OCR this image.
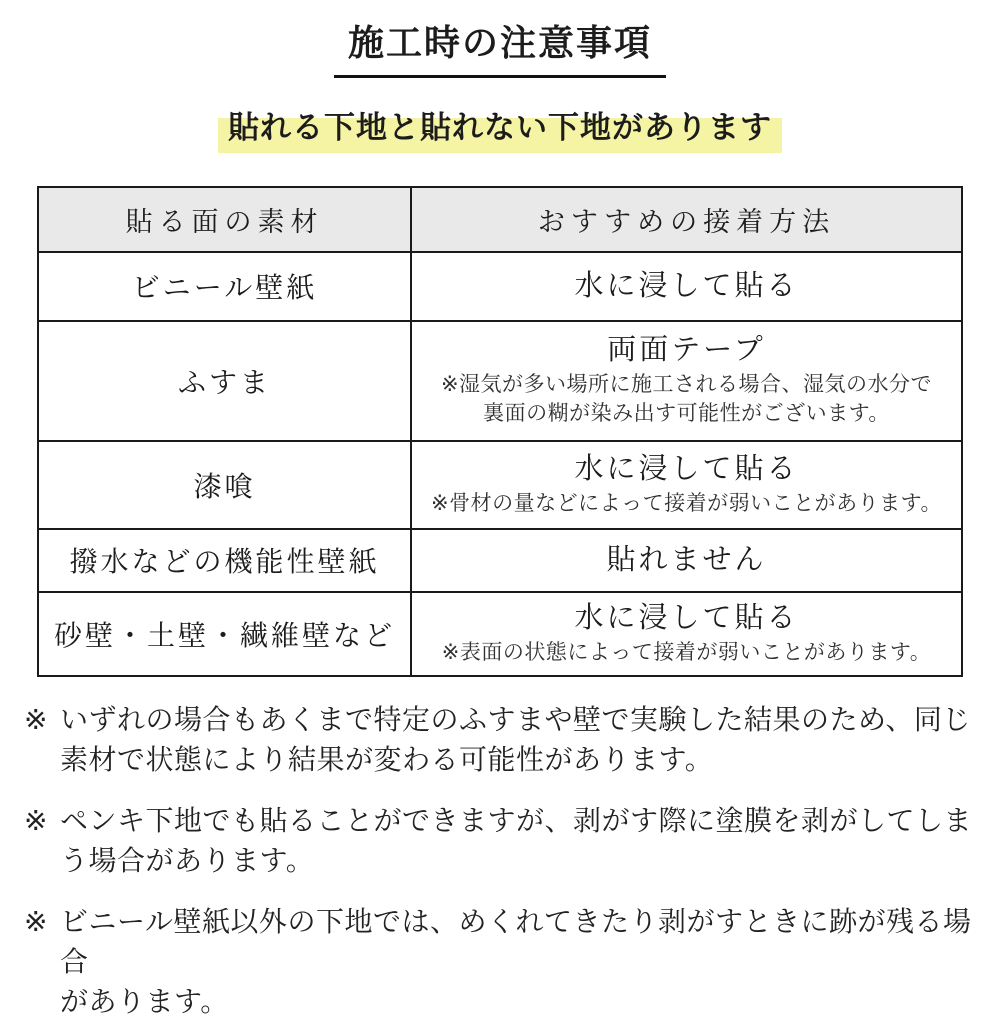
施工時の注意事項
貼れる下地と貼れない下地があります
貼る面の素材	おすすめの接着方法
ビニール壁紙	水に浸して貼る

ふすま	両面テープ
※湿気が多い場所に施工される場合、湿気の水分で
裏面の糊が染み出す可能性がございます。

漆喰	水に浸して貼る
※骨材の量などによって接着が弱いことがあります。

撥水などの機能性壁紙	貼れません

砂壁・土壁・繊維壁など	水に浸して貼る
※表面の状態によって接着が弱いことがあります。
※ いずれの場合もあくまで特定のふすまや壁で実験した結果のため、同じ
素材で状態により結果が変わる可能性があります。
※ ペンキ下地でも貼ることができますが、剥がす際に塗膜を剥がしてしま
う場合があります。
※ ビニール壁紙以外の下地では、めくれてきたり剥がすときに跡が残る場合
があります。
